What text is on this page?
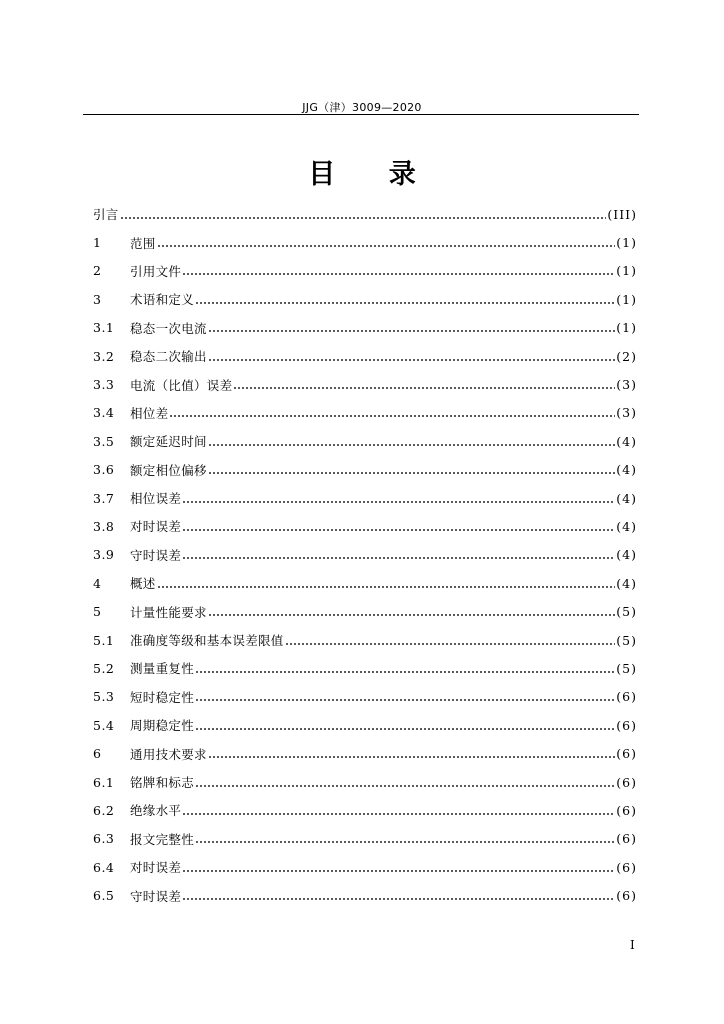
JJG（津）3009—2020
目 录
引言	(III)
1	范围	(1)
2	引用文件	(1)
3	术语和定义	(1)
3.1	稳态一次电流	(1)
3.2	稳态二次输出	(2)
3.3	电流（比值）误差	(3)
3.4	相位差	(3)
3.5	额定延迟时间	(4)
3.6	额定相位偏移	(4)
3.7	相位误差	(4)
3.8	对时误差	(4)
3.9	守时误差	(4)
4	概述	(4)
5	计量性能要求	(5)
5.1	准确度等级和基本误差限值	(5)
5.2	测量重复性	(5)
5.3	短时稳定性	(6)
5.4	周期稳定性	(6)
6	通用技术要求	(6)
6.1	铭牌和标志	(6)
6.2	绝缘水平	(6)
6.3	报文完整性	(6)
6.4	对时误差	(6)
6.5	守时误差	(6)
I
